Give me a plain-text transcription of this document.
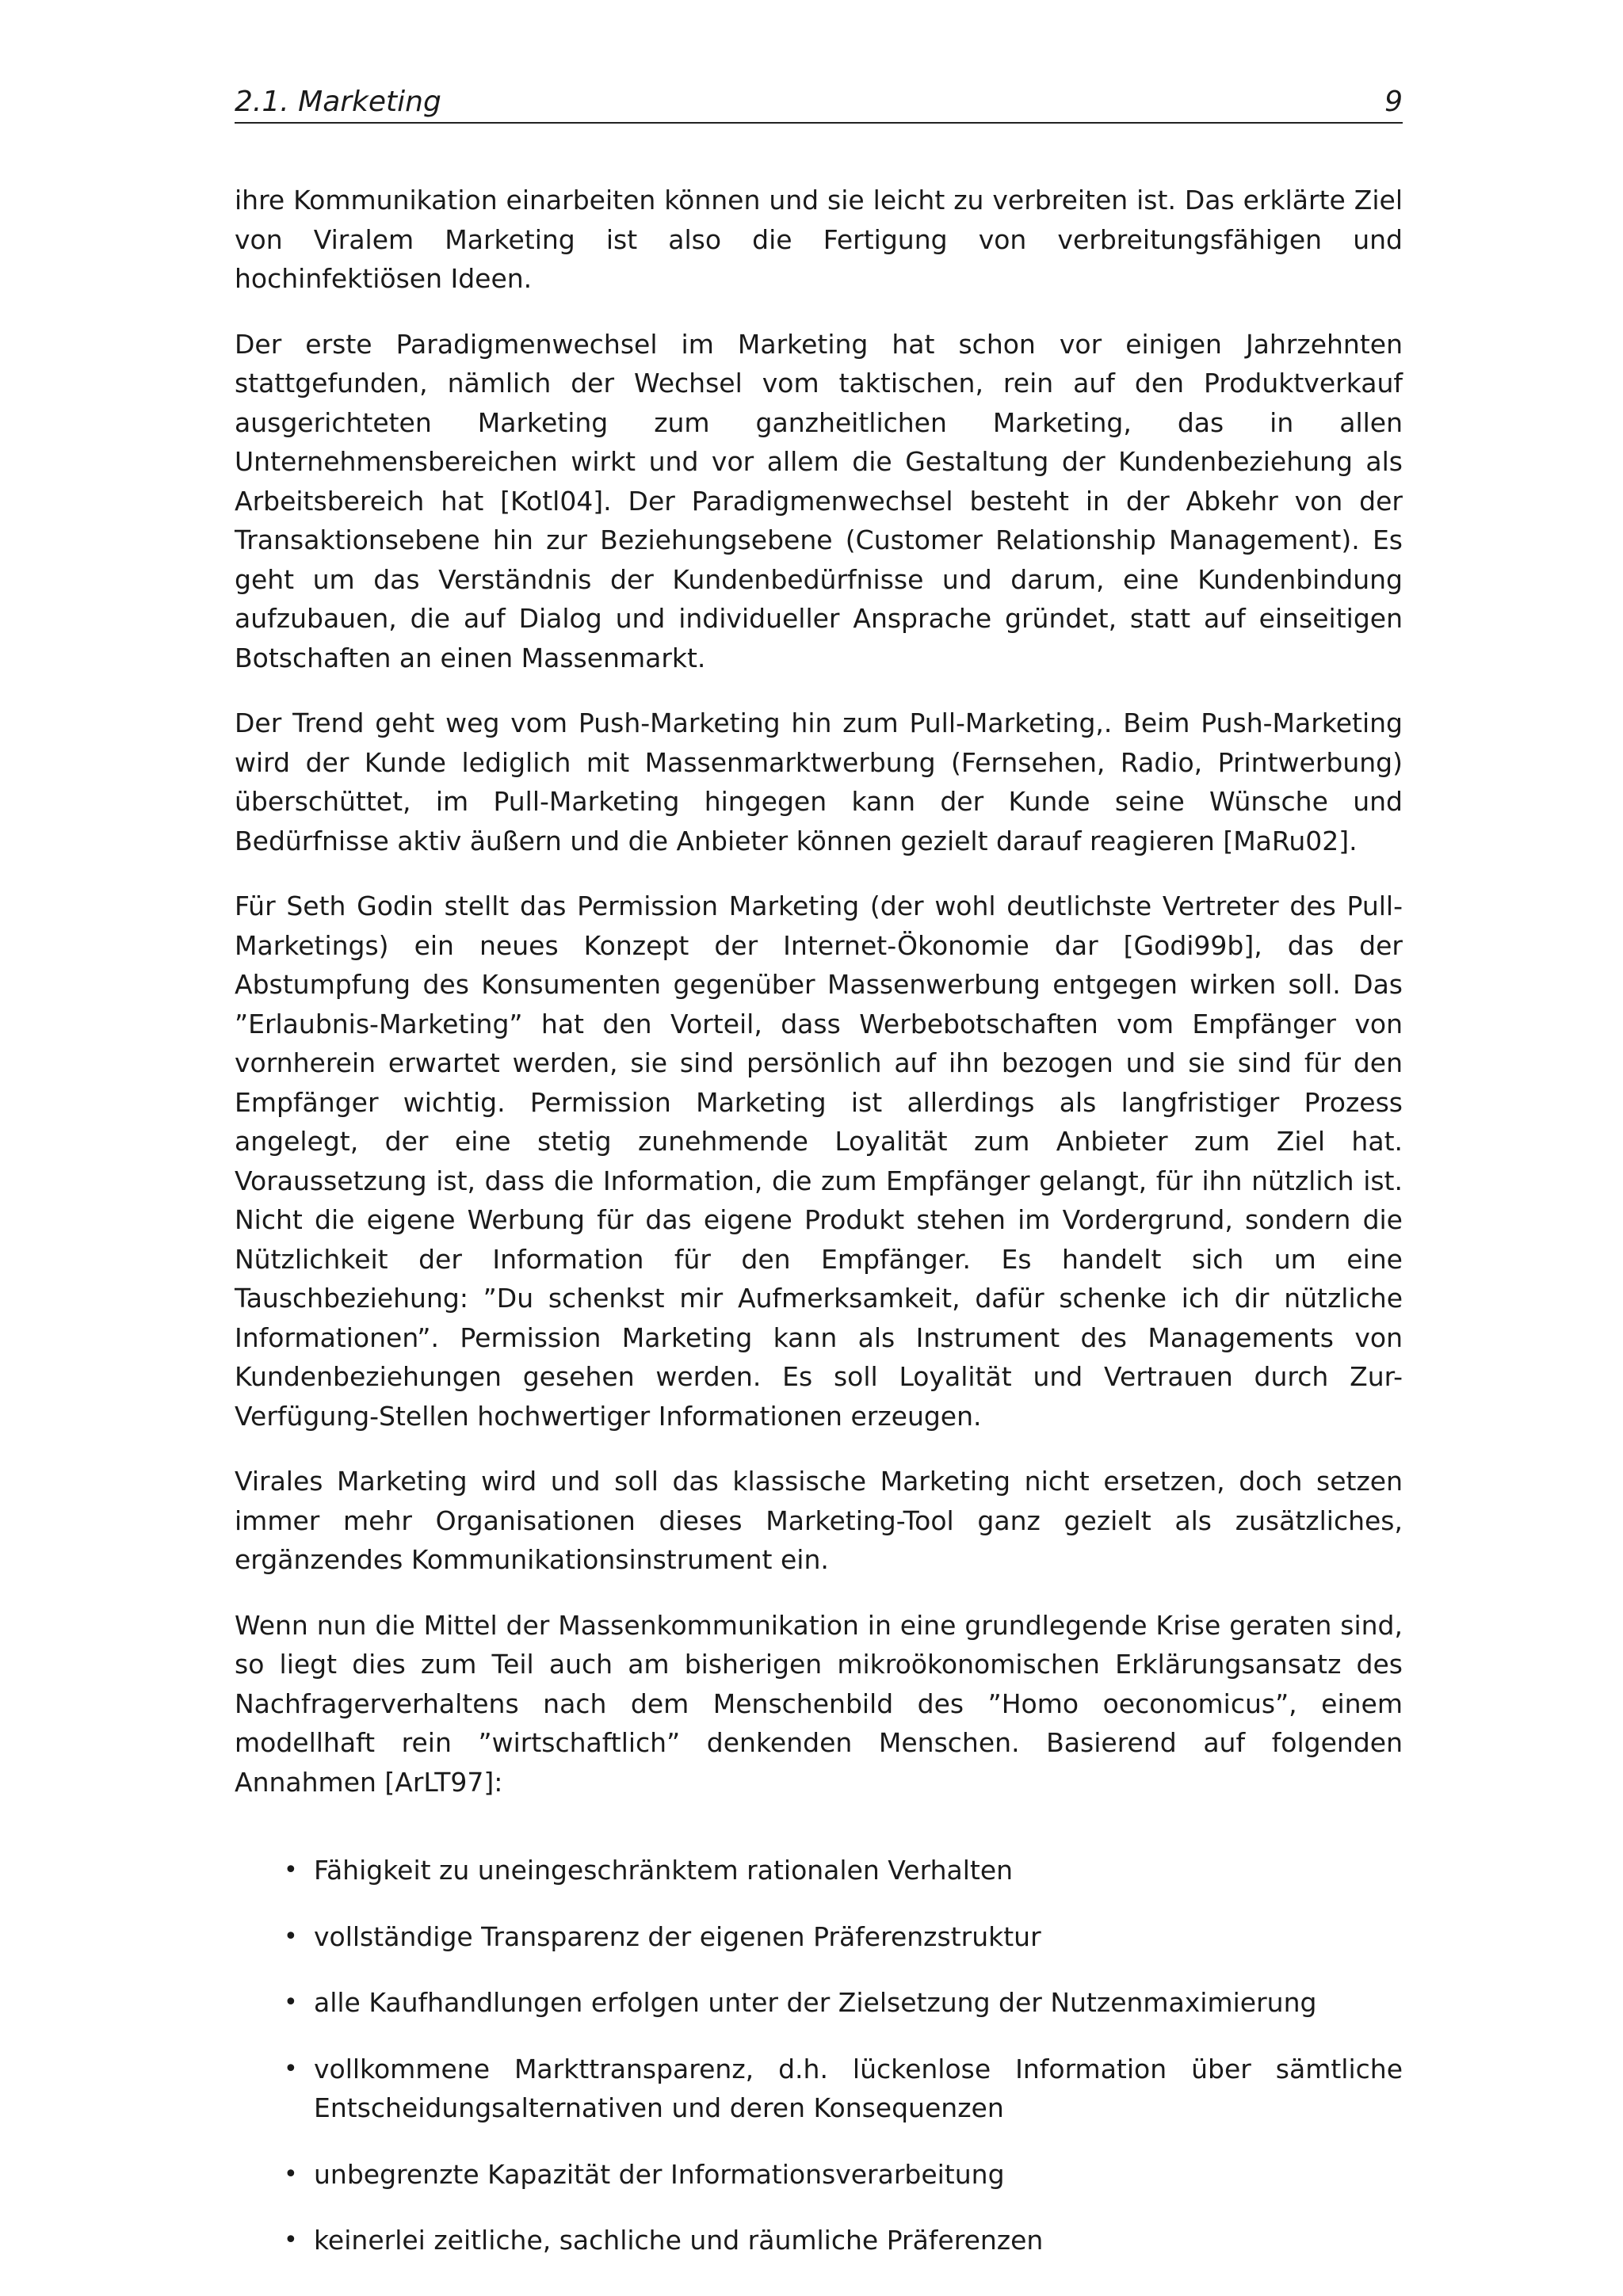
2.1. Marketing	9

ihre Kommunikation einarbeiten können und sie leicht zu verbreiten ist. Das erklärte Ziel von Viralem Marketing ist also die Fertigung von verbreitungsfähigen und hochinfektiösen Ideen.

Der erste Paradigmenwechsel im Marketing hat schon vor einigen Jahrzehnten stattgefunden, nämlich der Wechsel vom taktischen, rein auf den Produktverkauf ausgerichteten Marketing zum ganzheitlichen Marketing, das in allen Unternehmensbereichen wirkt und vor allem die Gestaltung der Kundenbeziehung als Arbeitsbereich hat [Kotl04]. Der Paradigmenwechsel besteht in der Abkehr von der Transaktionsebene hin zur Beziehungsebene (Customer Relationship Management). Es geht um das Verständnis der Kundenbedürfnisse und darum, eine Kundenbindung aufzubauen, die auf Dialog und individueller Ansprache gründet, statt auf einseitigen Botschaften an einen Massenmarkt.

Der Trend geht weg vom Push-Marketing hin zum Pull-Marketing,. Beim Push-Marketing wird der Kunde lediglich mit Massenmarktwerbung (Fernsehen, Radio, Printwerbung) überschüttet, im Pull-Marketing hingegen kann der Kunde seine Wünsche und Bedürfnisse aktiv äußern und die Anbieter können gezielt darauf reagieren [MaRu02].

Für Seth Godin stellt das Permission Marketing (der wohl deutlichste Vertreter des Pull-Marketings) ein neues Konzept der Internet-Ökonomie dar [Godi99b], das der Abstumpfung des Konsumenten gegenüber Massenwerbung entgegen wirken soll. Das ”Erlaubnis-Marketing” hat den Vorteil, dass Werbebotschaften vom Empfänger von vornherein erwartet werden, sie sind persönlich auf ihn bezogen und sie sind für den Empfänger wichtig. Permission Marketing ist allerdings als langfristiger Prozess angelegt, der eine stetig zunehmende Loyalität zum Anbieter zum Ziel hat. Voraussetzung ist, dass die Information, die zum Empfänger gelangt, für ihn nützlich ist. Nicht die eigene Werbung für das eigene Produkt stehen im Vordergrund, sondern die Nützlichkeit der Information für den Empfänger. Es handelt sich um eine Tauschbeziehung: ”Du schenkst mir Aufmerksamkeit, dafür schenke ich dir nützliche Informationen”. Permission Marketing kann als Instrument des Managements von Kundenbeziehungen gesehen werden. Es soll Loyalität und Vertrauen durch Zur-Verfügung-Stellen hochwertiger Informationen erzeugen.

Virales Marketing wird und soll das klassische Marketing nicht ersetzen, doch setzen immer mehr Organisationen dieses Marketing-Tool ganz gezielt als zusätzliches, ergänzendes Kommunikationsinstrument ein.

Wenn nun die Mittel der Massenkommunikation in eine grundlegende Krise geraten sind, so liegt dies zum Teil auch am bisherigen mikroökonomischen Erklärungsansatz des Nachfragerverhaltens nach dem Menschenbild des ”Homo oeconomicus”, einem modellhaft rein ”wirtschaftlich” denkenden Menschen. Basierend auf folgenden Annahmen [ArLT97]:

• Fähigkeit zu uneingeschränktem rationalen Verhalten
• vollständige Transparenz der eigenen Präferenzstruktur
• alle Kaufhandlungen erfolgen unter der Zielsetzung der Nutzenmaximierung
• vollkommene Markttransparenz, d.h. lückenlose Information über sämtliche Entscheidungsalternativen und deren Konsequenzen
• unbegrenzte Kapazität der Informationsverarbeitung
• keinerlei zeitliche, sachliche und räumliche Präferenzen
